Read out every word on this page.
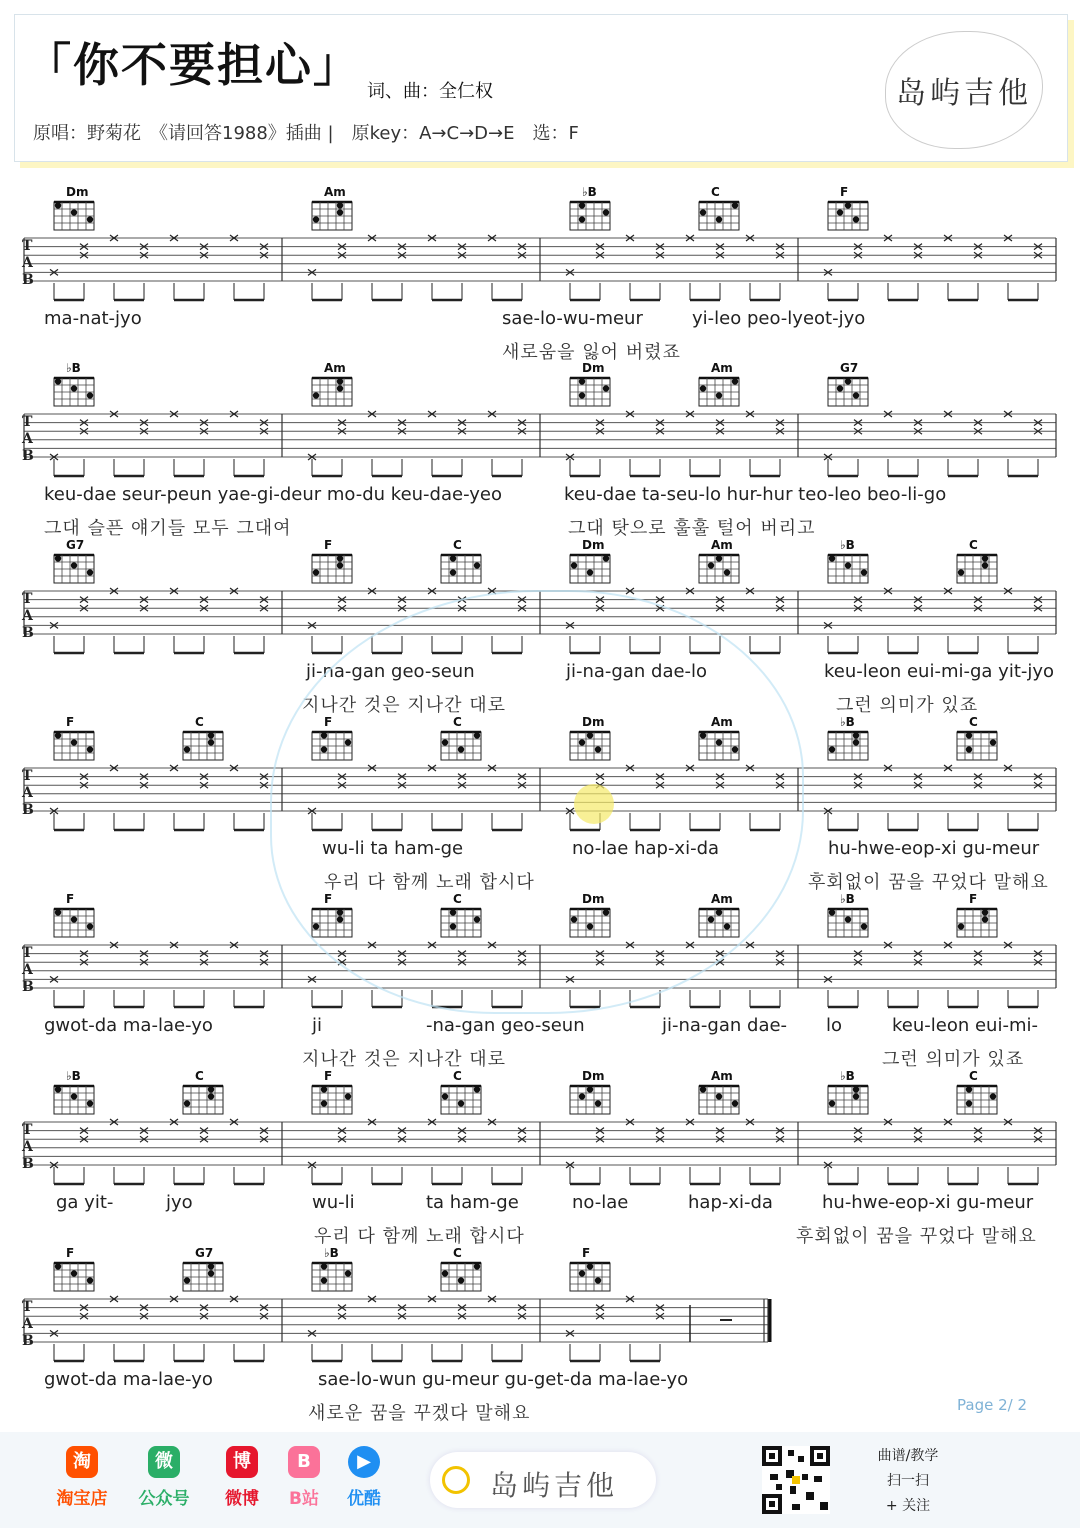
「你不要担心」 词、曲：全仁权
原唱：野菊花　《请回答1988》插曲 |　原key：A→C→D→E　选：F
岛屿吉他
T
A
B
Dm	Am	♭B	C	F
ma-nat-jyo	sae-lo-wu-meur	yi-leo peo-lyeot-jyo
새로움을 잃어 버렸죠
T
A
B
♭B	Am	Dm	Am	G7
keu-dae seur-peun yae-gi-deur mo-du keu-dae-yeo	keu-dae ta-seu-lo hur-hur teo-leo beo-li-go
그대 슬픈 얘기들 모두 그대여	그대 탓으로 훌훌 털어 버리고
T
A
B
G7	F	C	Dm	Am	♭B	C
ji-na-gan geo-seun	ji-na-gan dae-lo	keu-leon eui-mi-ga yit-jyo
지나간 것은 지나간 대로	그런 의미가 있죠
T
A
B
F	C	F	C	Dm	Am	♭B	C
wu-li ta ham-ge	no-lae hap-xi-da	hu-hwe-eop-xi gu-meur
우리 다 함께 노래 합시다	후회없이 꿈을 꾸었다 말해요
T
A
B
F	F	C	Dm	Am	♭B	F
gwot-da ma-lae-yo	ji	-na-gan geo-seun	ji-na-gan dae- lo	keu-leon eui-mi-
지나간 것은 지나간 대로	그런 의미가 있죠
T
A
B
♭B	C	F	C	Dm	Am	♭B	C
ga yit-	jyo	wu-li	ta ham-ge	no-lae	hap-xi-da	hu-hwe-eop-xi gu-meur
우리 다 함께 노래 합시다	후회없이 꿈을 꾸었다 말해요
T
A
B
F	G7	♭B	C	F
gwot-da ma-lae-yo	sae-lo-wun gu-meur gu-get-da ma-lae-yo
새로운 꿈을 꾸겠다 말해요	Page 2/ 2
淘
淘宝店
微
公众号
博
微博
B
B站
▶
优酷	岛屿吉他
曲谱/教学
扫一扫
+ 关注
